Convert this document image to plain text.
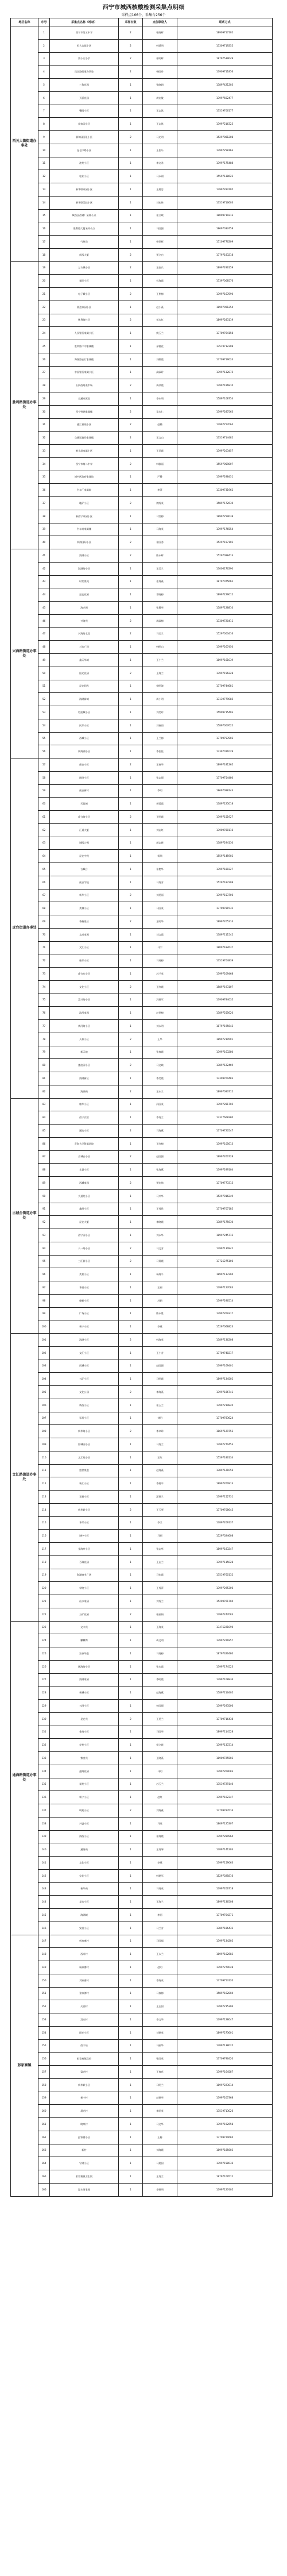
西宁市城西核酸检测采集点明细
采样点166个，采集台256个
地区名称	序号	采集点名称（地址）	采样台数	点位联络人	联系方式
西关大街街道办事处	1	西宁市第五中学	2	张晓辉	18909717102
	2	恒大名都小区	2	韩延明	13309719255
	3	贾小庄小学	2	张明辉	18797539049
	4	昆仑路街道办事处	2	杨国丹	13909711856
	5	三角花园	1	张晓娟	13897421203
	6	天骄花园	1	周宏俊	13997602477
	7	馨园小区	1	王志凯	13519706177
	8	莫家园小区	1	王志凯	13997216325
	9	颐和园丽景小区	2	马光明	15297081208
	10	昆仑中路小区	1	王佳乐	13997258163
	11	凌苑小区	1	李文君	13997175488
	12	电业小区	1	马永刚	15597138622
	13	新华联家园小区	1	王建忠	13997284105
	14	新华联美院小区	1	刘宏伟	13519716603
	15	城西区西钢厂采样小点	1	张立斌	18009710213
	16	胜利路大厦采样小点	1	马国强	18697037458
	17	气象局	1	杨世辉	15109776209
	18	成西大厦	2	贾立白	17797183218
胜利路街道办事处	19	万方城小区	2	王金兵	18997296159
	20	福民小区	1	杜海霞	17397008576
	21	电子城小区	2	王仲梅	13997167890
	22	富达家园小区	1	赵小燕	18997091254
	23	胜利路社区	2	祁永红	18997283119
	24	人民银行家属小区	1	姚玉兰	13709764158
	25	胜利路二中家属楼	1	余桂花	13519712308
	26	海湖路农行家属楼	1	刘娜霞	13709719024
	27	中国银行家属小区	1	高淑玲	13997132875
	28	五四西路菜市场	2	周萍霞	13997196810
	29	交通家属院	1	李永明	15897108754
	30	西宁特钢家属楼	2	谈永仁	13997287563
	31	通汇嘉苑小区	2	赵楠	13997257064
	32	交通运输局家属楼	2	王文山	13519714482
	33	粮食局家属小区	1	王美霞	13997203457
	34	西宁市第二中学	2	韩雅丽	15597059807
	35	城中区政府家属院	1	严静	13997298451
	36	汽车厂家属院	1	李萍	13309731962
	37	地矿小区	2	魏秀英	15897172630
	38	新西宁家园小区	1	马雪梅	18997259038
	39	汽车站家属楼	1	马海英	13997176554
	40	四海国际小区	2	张国秀	15297197102
兴海路街道办事处	41	海湖小区	2	陈永辉	15297098413
	42	海湖路小区	1	王美兰	13006276290
	43	时代豪苑	1	任海燕	18797075662
	44	昆仑花园	1	邓晓梅	18997229012
	45	海兴园	1	张莉华	15897128810
	46	兴海苑	2	周淑梅	13309720411
	47	兴海路北段	2	马玉兰	15297003416
	48	万达广场	1	韩明山	13997267450
	49	鑫天华城	1	王小兰	18997161039
	50	阳光花园	2	王海兰	13997156228
	51	昆仑阳光	1	杨明海	13709744681
	52	海湖新城	1	周小明	13139779085
	53	彩虹城小区	1	刘美玲	15909715403
	54	民乐小区	1	刘春雨	15897007622
	55	西城小区	1	王兰梅	13709757803
	56	新海湖小区	1	李佳佳	17397011029
虎台街道办事处	57	虎台小区	2	王春华	18997181265
	58	团结小区	1	张志强	13709754480
	59	虎台新村	1	李明	18697098143
	60	天骏城	1	郭爱霞	13897225018
	61	虎台路小区	2	王明霞	13997151927
	62	汇通大厦	1	刘志红	13909780116
	63	城西公园	1	胡志新	13897294130
	64	昆仑中苑	1	杨瑞	15597145902
	65	古城台	1	张艳华	13997180327
	66	虎台学校	1	马秀芳	15297187208
	67	新华小区	2	刘美丽	13997153706
	68	美林小区	1	马国英	13709781532
	69	香格里拉	2	王明华	18997205214
	70	文成家园	1	刘文霞	13897111542
	71	文汇小区	1	马宁	18097182637
	72	康乐小区	1	马英梅	13519704839
	73	虎台东小区	1	苏兰英	13997209468
	74	文化小区	2	王红霞	15897193107
	75	富兴路小区	1	冯建军	13909784035
	76	滨河家园	1	赵世梅	13897255620
	77	黄河路小区	1	刘永明	18797195643
	78	天泰小区	2	王华	18997219501
	79	新天地	1	张春霞	13997163280
	80	莲池园小区	2	马文斌	13897122469
	81	海湖新区	1	李美霞	13309760483
	82	海湖苑	2	王永兰	18997093712
古城台街道办事处	83	康华小区	1	冯国英	13997281705
	84	西宁宾馆	1	李秀兰	13327668280
	85	通达小区	2	马海燕	13709720547
	86	青海大学附属医院	1	王红梅	13997105613
	87	古城台小区	2	赵国强	18997260728
	88	丰惠小区	1	张海燕	13997299104
	89	西城家园	2	贾宏伟	13709773315
	90	大通苑小区	1	马兴华	15297016249
	91	鑫明小区	1	王秀珍	13709707185
	92	昆仑大厦	1	李晓霞	13897175630
	93	西宁园小区	1	刘永华	18997245712
	94	八一路小区	2	马文芳	13997130842
	95	三江源小区	2	马青霞	17725275106
	96	美景小区	1	杨海平	18997117204
	97	华辰小区	1	王丽	13997127083
	98	德新小区	1	苏娟	13997296514
	99	广场小区	1	陈永胜	13997269317
	100	新宁小区	1	李燕	15297068823
文汇路街道办事处	101	海湖小区	2	韩海英	13897136208
	102	文汇小区	1	王小芳	13709740217
	103	西城小区	1	赵国强	13997169401
	104	五矿小区	1	马明霞	18997134502
	105	文化公园	2	李海燕	13997186741
	106	桥西小区	1	张玉兰	13997219820
	107	军场小区	1	刘明	13709783624
	108	新华路小区	2	李卓珍	18697129753
	109	海城园小区	1	马秀兰	13997270453
	110	文汇苑小区	1	王红	15597186134
	111	盛世豪庭	1	赵海燕	13897121056
	112	新汇小区	1	李建平	18997260813
	113	玉树小区	1	汪建兰	13997152731
	114	新华联小区	2	王玉琴	13709708645
	115	华荣小区	1	李兰	13897209137
	116	城中小区	1	马丽	15297024608
	117	金海岸小区	1	张志华	18997183247
	118	百瑞花园	1	王志兰	13997115028
	119	海湖商业广场	1	马宏霞	13519760132
	120	学院小区	1	王秀萍	13997295306
	121	山水家园	1	刘秀兰	15209761704
	122	五矿花园	2	张丽娟	13997247083
通海路街道办事处	123	文丰苑	1	王海英	13475221090
	124	麒麟湾	1	蒋文明	13997221857
	125	安泰华庭	1	马秀梅	18797326480
	126	通海路小区	1	张永霞	13997174523
	127	海湖家园	1	李明霞	13997108836
	128	新城小区	1	赵海燕	15897216405
	129	五四小区	1	何国强	13997293506
	130	昆仑苑	2	王美兰	13709716438
	131	金地小区	1	马国华	18997114528
	132	学苑小区	1	杨立新	13997137214
	133	紫金苑	1	王晓燕	18909725503
	134	通海花园	1	马明	13997269083
	135	福苑小区	1	苏玉兰	13519729140
	136	新宁小区	1	赵红	13997102347
	137	明苑小区	2	刘海燕	13709783516
	138	兴盛小区	1	马英	18097125307
	139	海西小区	1	张海霞	13997280964
	140	通海苑	1	王秀琴	13897141203
	141	文化小区	1	李燕	13997159063
	142	宝佳小区	1	韩建军	15297025816
	143	新华苑	1	马秀英	13997206718
	144	龙达小区	1	王海兰	18997136508
	145	海湖城	1	李丽	13709704271
	146	安居小区	1	马兰芳	13897186432
彭家寨镇	147	彭家寨村	1	马国福	13997134205
	148	西川村	1	王永兰	18997102683
	149	杨家寨村	1	赵明	13997279048
	150	刘家寨村	1	李海英	13709753120
	151	张家湾村	1	马春梅	15897162804
	152	火西村	1	王志国	13997215306
	153	汉庄村	1	李文华	13997128047
	154	阳光小区	1	刘建英	18997273601
	155	西宁站	1	马丽华	13897138025
	156	彭家寨镇政府	1	张国英	13709796420
	157	富兴村	1	王春花	13997164587
	158	新华联小区	1	马明兰	18997223014
	159	新宁村	1	赵建华	13997207368
	160	晨光村	1	李丽英	13519713026
	161	晓泉村	1	马文华	13997192658
	162	彭家寨小区	1	王梅	13709720684
	163	新村	1	刘海霞	18997185603
	164	宁湖小区	1	马建国	13997158036
	165	彭家寨镇卫生院	1	王秀兰	18797109512
	166	湟水河家园	1	李建明	13997127405
